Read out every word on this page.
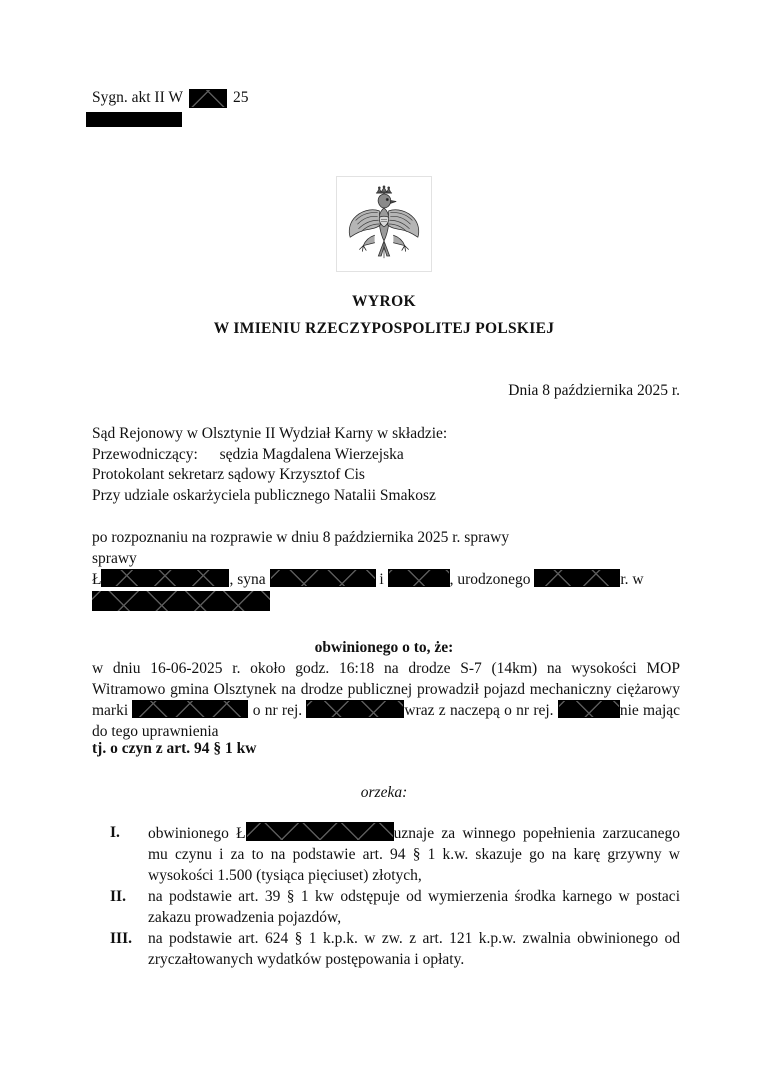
Sygn. akt II W	25
WYROK
W IMIENIU RZECZYPOSPOLITEJ POLSKIEJ
Dnia 8 października 2025 r.
Sąd Rejonowy w Olsztynie II Wydział Karny w składzie:
Przewodniczący: sędzia Magdalena Wierzejska
Protokolant sekretarz sądowy Krzysztof Cis
Przy udziale oskarżyciela publicznego Natalii Smakosz
po rozpoznaniu na rozprawie w dniu 8 października 2025 r. sprawy
sprawy
Ł	, syna	i	, urodzonego	r. w
obwinionego o to, że:

w dniu 16-06-2025 r. około godz. 16:18 na drodze S-7 (14km) na wysokości MOP Witramowo gmina Olsztynek na drodze publicznej prowadził pojazd mechaniczny ciężarowy marki	o nr rej.	wraz z naczepą o nr rej.	nie mając do tego uprawnienia

tj. o czyn z art. 94 § 1 kw
orzeka:
I.	obwinionego Ł	uznaje za winnego popełnienia zarzucanego mu czynu i za to na podstawie art. 94 § 1 k.w. skazuje go na karę grzywny w wysokości 1.500 (tysiąca pięciuset) złotych,

II.	na podstawie art. 39 § 1 kw odstępuje od wymierzenia środka karnego w postaci zakazu prowadzenia pojazdów,

III.	na podstawie art. 624 § 1 k.p.k. w zw. z art. 121 k.p.w. zwalnia obwinionego od zryczałtowanych wydatków postępowania i opłaty.
